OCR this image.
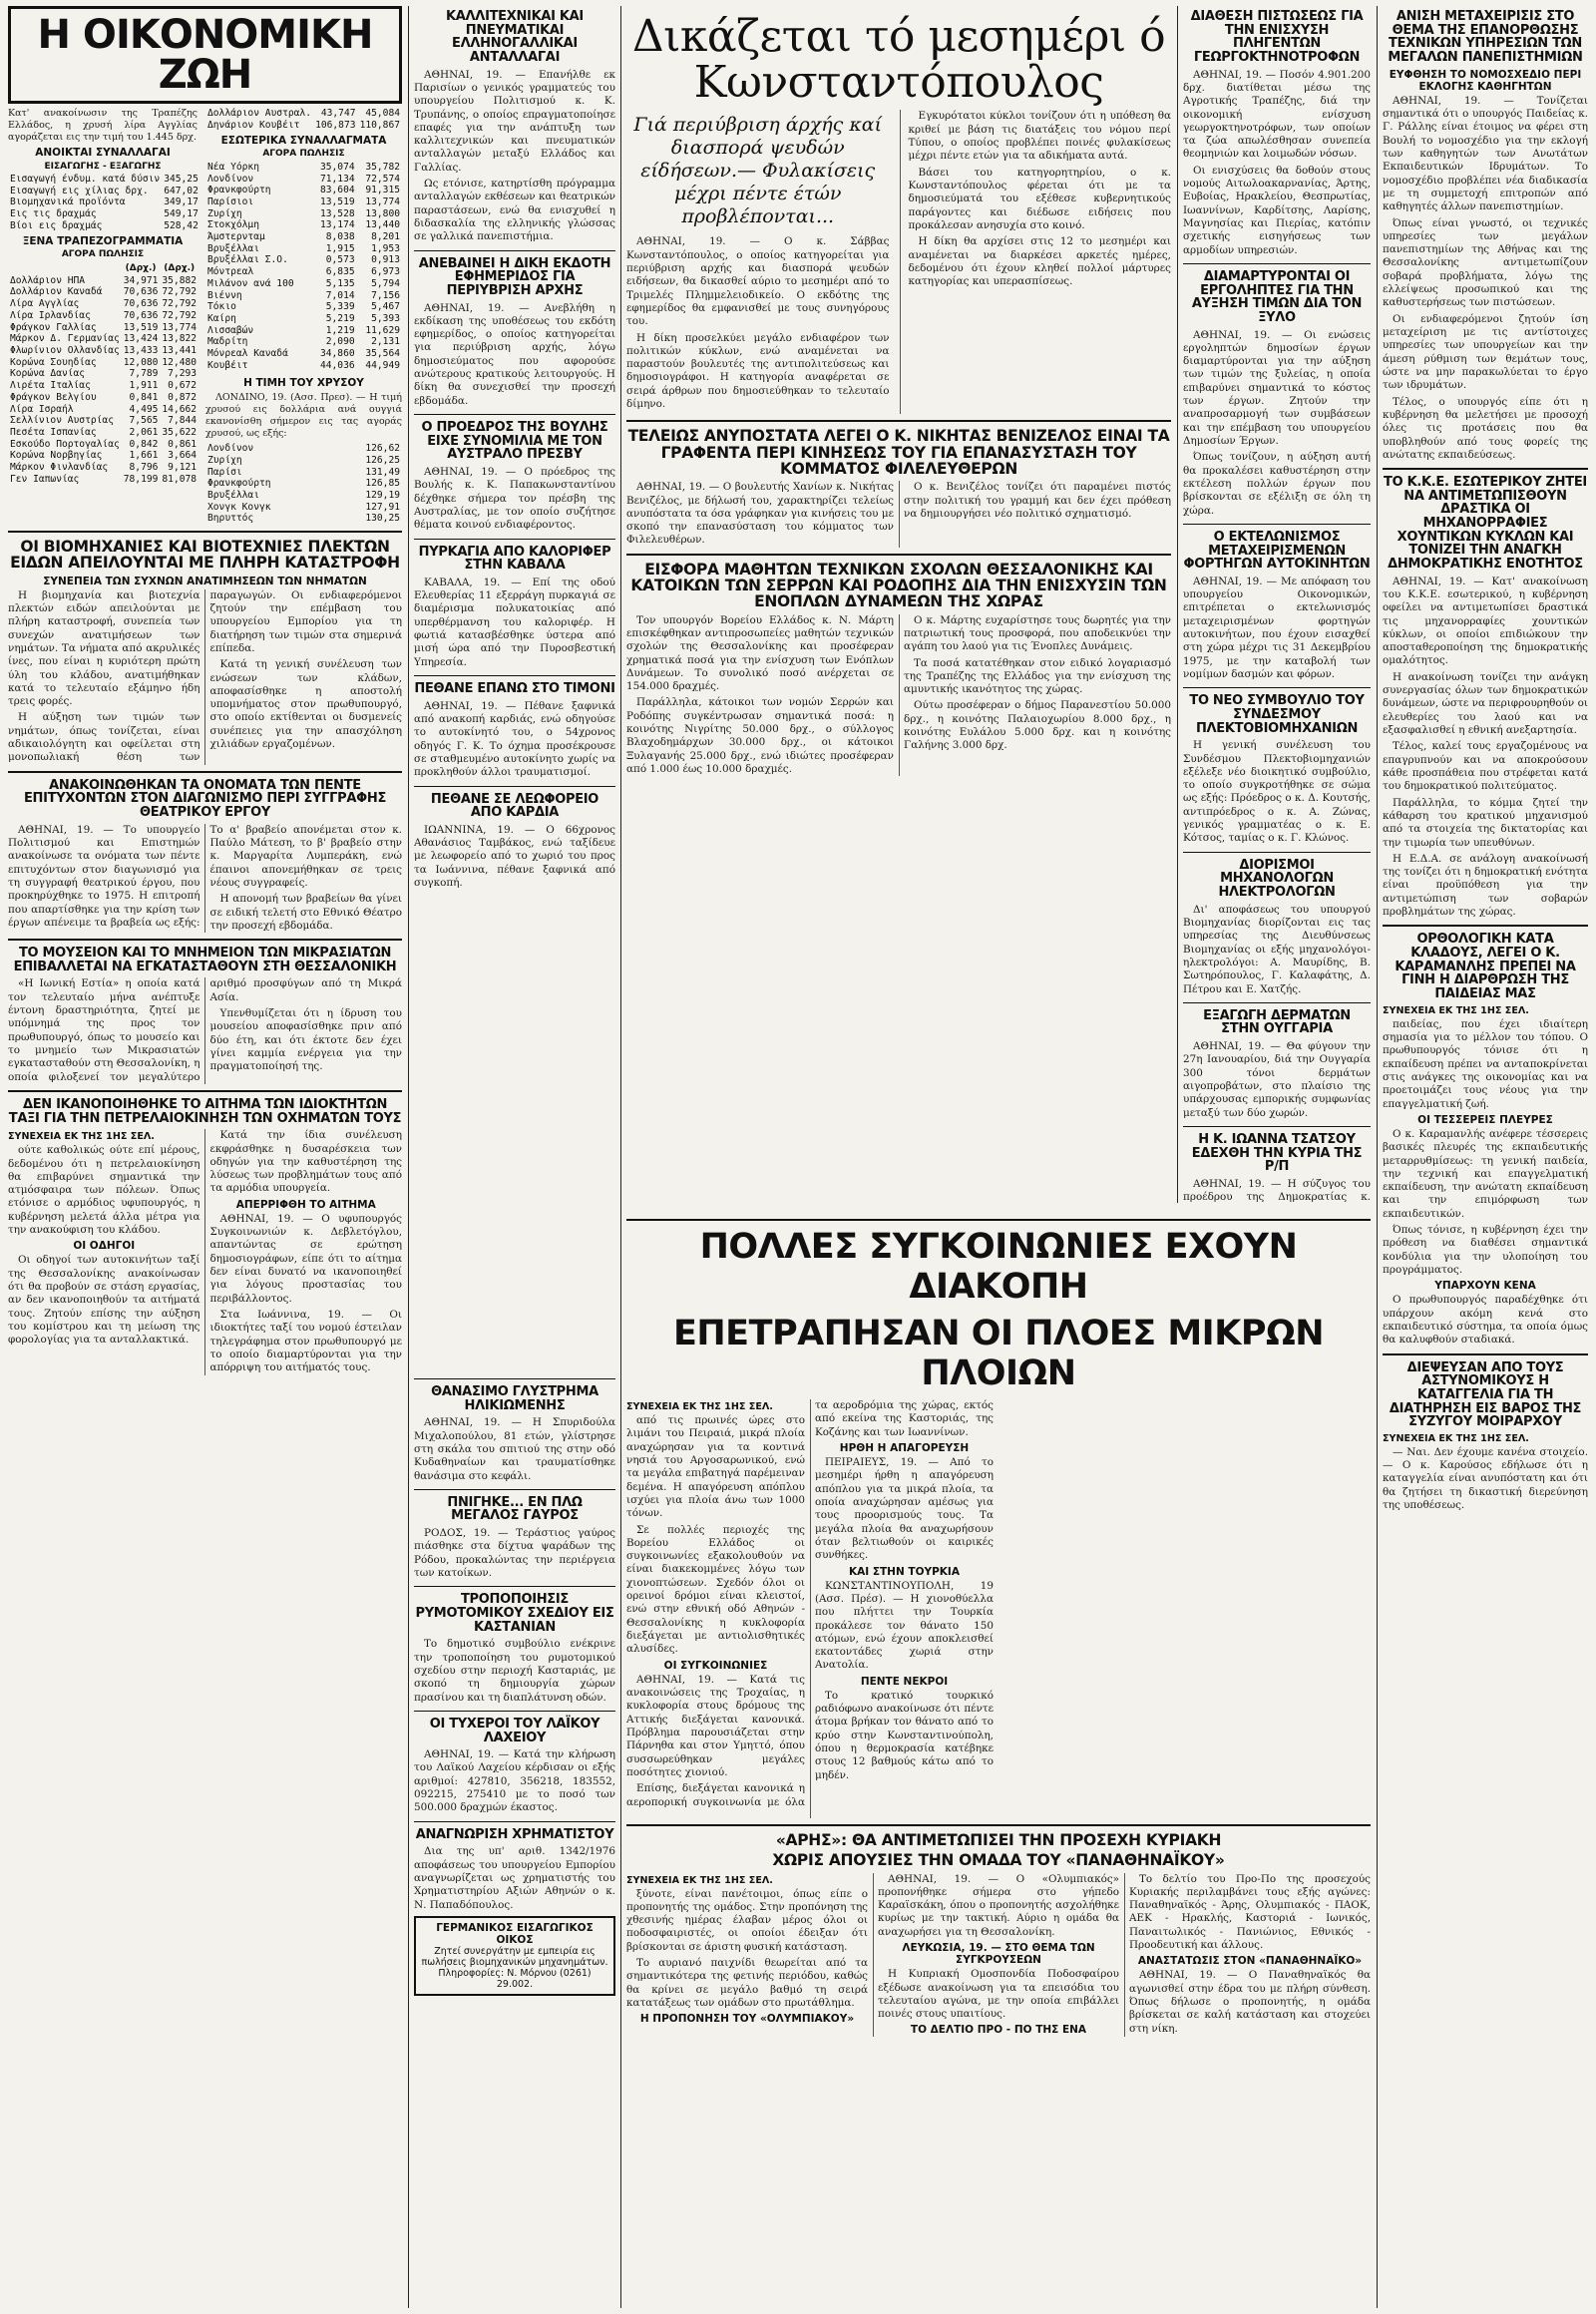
Η ΟΙΚΟΝΟΜΙΚΗ ΖΩΗ
Κατ' ανακοίνωσιν της Τραπέζης Ελλάδος, η χρυσή λίρα Αγγλίας αγοράζεται εις την τιμή του 1.445 δρχ.
ΑΝΟΙΚΤΑΙ ΣΥΝΑΛΛΑΓΑΙ
ΕΙΣΑΓΩΓΗΣ - ΕΞΑΓΩΓΗΣ
Εισαγωγή ένδυμ. κατά δύσιν	345,25
Εισαγωγή εις χίλιας δρχ.	647,02
Βιομηχανικά προϊόντα	349,17
Εις τις δραχμάς	549,17
Βίοι εις δραχμάς	528,42
ΞΕΝΑ ΤΡΑΠΕΖΟΓΡΑΜΜΑΤΙΑ
ΑΓΟΡΑ ΠΩΛΗΣΙΣ
	(Δρχ.)	(Δρχ.)
Δολλάριον ΗΠΑ	34,971	35,882
Δολλάριον Καναδά	70,636	72,792
Λίρα Αγγλίας	70,636	72,792
Λίρα Ιρλανδίας	70,636	72,792
Φράγκον Γαλλίας	13,519	13,774
Μάρκον Δ. Γερμανίας	13,424	13,822
Φλωρίνιον Ολλανδίας	13,433	13,441
Κορώνα Σουηδίας	12,080	12,480
Κορώνα Δανίας	7,789	7,293
Λιρέτα Ιταλίας	1,911	0,672
Φράγκον Βελγίου	0,841	0,872
Λίρα Ισραήλ	4,495	14,662
Σελλίνιον Αυστρίας	7,565	7,844
Πεσέτα Ισπανίας	2,061	35,622
Εσκούδο Πορτογαλίας	0,842	0,861
Κορώνα Νορβηγίας	1,661	3,664
Μάρκον Φινλανδίας	8,796	9,121
Γεν Ιαπωνίας	78,199	81,078
Δολλάριον Αυστραλ.	43,747	45,084
Δηνάριον Κουβέιτ	106,873	110,867
ΕΣΩΤΕΡΙΚΑ ΣΥΝΑΛΛΑΓΜΑΤΑ
ΑΓΟΡΑ ΠΩΛΗΣΙΣ
Νέα Υόρκη	35,074	35,782
Λονδίνον	71,134	72,574
Φρανκφούρτη	83,604	91,315
Παρίσιοι	13,519	13,774
Ζυρίχη	13,528	13,800
Στοκχόλμη	13,174	13,440
Άμστερνταμ	8,038	8,201
Βρυξέλλαι	1,915	1,953
Βρυξέλλαι Σ.Ο.	0,573	0,913
Μόντρεαλ	6,835	6,973
Μιλάνον ανά 100	5,135	5,794
Βιέννη	7,014	7,156
Τόκιο	5,339	5,467
Καίρη	5,219	5,393
Λισσαβών	1,219	11,629
Μαδρίτη	2,090	2,131
Μόνρεαλ Καναδά	34,860	35,564
Κουβέιτ	44,036	44,949
Η ΤΙΜΗ ΤΟΥ ΧΡΥΣΟΥ
ΛΟΝΔΙΝΟ, 19. (Ασσ. Πρεσ). — Η τιμή χρυσού εις δολλάρια ανά ουγγιά εκανονίσθη σήμερον εις τας αγοράς χρυσού, ως εξής:
Λονδίνον	126,62
Ζυρίχη	126,25
Παρίσι	131,49
Φρανκφούρτη	126,85
Βρυξέλλαι	129,19
Χονγκ Κονγκ	127,91
Βηρυττός	130,25
ΟΙ ΒΙΟΜΗΧΑΝΙΕΣ ΚΑΙ ΒΙΟΤΕΧΝΙΕΣ ΠΛΕΚΤΩΝ ΕΙΔΩΝ ΑΠΕΙΛΟΥΝΤΑΙ ΜΕ ΠΛΗΡΗ ΚΑΤΑΣΤΡΟΦΗ
ΣΥΝΕΠΕΙΑ ΤΩΝ ΣΥΧΝΩΝ ΑΝΑΤΙΜΗΣΕΩΝ ΤΩΝ ΝΗΜΑΤΩΝ

Η βιομηχανία και βιοτεχνία πλεκτών ειδών απειλούνται με πλήρη καταστροφή, συνεπεία των συνεχών ανατιμήσεων των νημάτων. Τα νήματα από ακρυλικές ίνες, που είναι η κυριότερη πρώτη ύλη του κλάδου, ανατιμήθηκαν κατά το τελευταίο εξάμηνο ήδη τρεις φορές.

Η αύξηση των τιμών των νημάτων, όπως τονίζεται, είναι αδικαιολόγητη και οφείλεται στη μονοπωλιακή θέση των παραγωγών. Οι ενδιαφερόμενοι ζητούν την επέμβαση του υπουργείου Εμπορίου για τη διατήρηση των τιμών στα σημερινά επίπεδα.

Κατά τη γενική συνέλευση των ενώσεων των κλάδων, αποφασίσθηκε η αποστολή υπομνήματος στον πρωθυπουργό, στο οποίο εκτίθενται οι δυσμενείς συνέπειες για την απασχόληση χιλιάδων εργαζομένων.

ΑΝΑΚΟΙΝΩΘΗΚΑΝ ΤΑ ΟΝΟΜΑΤΑ ΤΩΝ ΠΕΝΤΕ ΕΠΙΤΥΧΟΝΤΩΝ ΣΤΟΝ ΔΙΑΓΩΝΙΣΜΟ ΠΕΡΙ ΣΥΓΓΡΑΦΗΣ ΘΕΑΤΡΙΚΟΥ ΕΡΓΟΥ

ΑΘΗΝΑΙ, 19. — Το υπουργείο Πολιτισμού και Επιστημών ανακοίνωσε τα ονόματα των πέντε επιτυχόντων στον διαγωνισμό για τη συγγραφή θεατρικού έργου, που προκηρύχθηκε το 1975. Η επιτροπή που απαρτίσθηκε για την κρίση των έργων απένειμε τα βραβεία ως εξής: Το α' βραβείο απονέμεται στον κ. Παύλο Μάτεση, το β' βραβείο στην κ. Μαργαρίτα Λυμπεράκη, ενώ έπαινοι απονεμήθηκαν σε τρεις νέους συγγραφείς.

Η απονομή των βραβείων θα γίνει σε ειδική τελετή στο Εθνικό Θέατρο την προσεχή εβδομάδα.

ΤΟ ΜΟΥΣΕΙΟΝ ΚΑΙ ΤΟ ΜΝΗΜΕΙΟΝ ΤΩΝ ΜΙΚΡΑΣΙΑΤΩΝ ΕΠΙΒΑΛΛΕΤΑΙ ΝΑ ΕΓΚΑΤΑΣΤΑΘΟΥΝ ΣΤΗ ΘΕΣΣΑΛΟΝΙΚΗ

«Η Ιωνική Εστία» η οποία κατά τον τελευταίο μήνα ανέπτυξε έντονη δραστηριότητα, ζητεί με υπόμνημά της προς τον πρωθυπουργό, όπως το μουσείο και το μνημείο των Μικρασιατών εγκατασταθούν στη Θεσσαλονίκη, η οποία φιλοξενεί τον μεγαλύτερο αριθμό προσφύγων από τη Μικρά Ασία.

Υπενθυμίζεται ότι η ίδρυση του μουσείου αποφασίσθηκε πριν από δύο έτη, και ότι έκτοτε δεν έχει γίνει καμμία ενέργεια για την πραγματοποίησή της.

ΔΕΝ ΙΚΑΝΟΠΟΙΗΘΗΚΕ ΤΟ ΑΙΤΗΜΑ ΤΩΝ ΙΔΙΟΚΤΗΤΩΝ ΤΑΞΙ ΓΙΑ ΤΗΝ ΠΕΤΡΕΛΑΙΟΚΙΝΗΣΗ ΤΩΝ ΟΧΗΜΑΤΩΝ ΤΟΥΣ
ΣΥΝΕΧΕΙΑ ΕΚ ΤΗΣ 1ΗΣ ΣΕΛ.

ούτε καθολικώς ούτε επί μέρους, δεδομένου ότι η πετρελαιοκίνηση θα επιβαρύνει σημαντικά την ατμόσφαιρα των πόλεων. Όπως ετόνισε ο αρμόδιος υφυπουργός, η κυβέρνηση μελετά άλλα μέτρα για την ανακούφιση του κλάδου.

ΟΙ ΟΔΗΓΟΙ

Οι οδηγοί των αυτοκινήτων ταξί της Θεσσαλονίκης ανακοίνωσαν ότι θα προβούν σε στάση εργασίας, αν δεν ικανοποιηθούν τα αιτήματά τους. Ζητούν επίσης την αύξηση του κομίστρου και τη μείωση της φορολογίας για τα ανταλλακτικά.

Κατά την ίδια συνέλευση εκφράσθηκε η δυσαρέσκεια των οδηγών για την καθυστέρηση της λύσεως των προβλημάτων τους από τα αρμόδια υπουργεία.

ΑΠΕΡΡΙΦΘΗ ΤΟ ΑΙΤΗΜΑ

ΑΘΗΝΑΙ, 19. — Ο υφυπουργός Συγκοινωνιών κ. Δεβλετόγλου, απαντώντας σε ερώτηση δημοσιογράφων, είπε ότι το αίτημα δεν είναι δυνατό να ικανοποιηθεί για λόγους προστασίας του περιβάλλοντος.

Στα Ιωάννινα, 19. — Οι ιδιοκτήτες ταξί του νομού έστειλαν τηλεγράφημα στον πρωθυπουργό με το οποίο διαμαρτύρονται για την απόρριψη του αιτήματός τους.

ΚΑΛΛΙΤΕΧΝΙΚΑΙ ΚΑΙ ΠΝΕΥΜΑΤΙΚΑΙ ΕΛΛΗΝΟΓΑΛΛΙΚΑΙ ΑΝΤΑΛΛΑΓΑΙ

ΑΘΗΝΑΙ, 19. — Επανήλθε εκ Παρισίων ο γενικός γραμματεύς του υπουργείου Πολιτισμού κ. Κ. Τρυπάνης, ο οποίος επραγματοποίησε επαφές για την ανάπτυξη των καλλιτεχνικών και πνευματικών ανταλλαγών μεταξύ Ελλάδος και Γαλλίας.

Ως ετόνισε, κατηρτίσθη πρόγραμμα ανταλλαγών εκθέσεων και θεατρικών παραστάσεων, ενώ θα ενισχυθεί η διδασκαλία της ελληνικής γλώσσας σε γαλλικά πανεπιστήμια.

ΑΝΕΒΑΙΝΕΙ Η ΔΙΚΗ ΕΚΔΟΤΗ ΕΦΗΜΕΡΙΔΟΣ ΓΙΑ ΠΕΡΙΥΒΡΙΣΗ ΑΡΧΗΣ

ΑΘΗΝΑΙ, 19. — Ανεβλήθη η εκδίκαση της υποθέσεως του εκδότη εφημερίδος, ο οποίος κατηγορείται για περιύβριση αρχής, λόγω δημοσιεύματος που αφορούσε ανώτερους κρατικούς λειτουργούς. Η δίκη θα συνεχισθεί την προσεχή εβδομάδα.

Ο ΠΡΟΕΔΡΟΣ ΤΗΣ ΒΟΥΛΗΣ ΕΙΧΕ ΣΥΝΟΜΙΛΙΑ ΜΕ ΤΟΝ ΑΥΣΤΡΑΛΟ ΠΡΕΣΒΥ

ΑΘΗΝΑΙ, 19. — Ο πρόεδρος της Βουλής κ. Κ. Παπακωνσταντίνου δέχθηκε σήμερα τον πρέσβη της Αυστραλίας, με τον οποίο συζήτησε θέματα κοινού ενδιαφέροντος.

ΠΥΡΚΑΓΙΑ ΑΠΟ ΚΑΛΟΡΙΦΕΡ ΣΤΗΝ ΚΑΒΑΛΑ

ΚΑΒΑΛΑ, 19. — Επί της οδού Ελευθερίας 11 εξερράγη πυρκαγιά σε διαμέρισμα πολυκατοικίας από υπερθέρμανση του καλοριφέρ. Η φωτιά κατασβέσθηκε ύστερα από μισή ώρα από την Πυροσβεστική Υπηρεσία.

ΠΕΘΑΝΕ ΕΠΑΝΩ ΣΤΟ ΤΙΜΟΝΙ

ΑΘΗΝΑΙ, 19. — Πέθανε ξαφνικά από ανακοπή καρδιάς, ενώ οδηγούσε το αυτοκίνητό του, ο 54χρονος οδηγός Γ. Κ. Το όχημα προσέκρουσε σε σταθμευμένο αυτοκίνητο χωρίς να προκληθούν άλλοι τραυματισμοί.

ΠΕΘΑΝΕ ΣΕ ΛΕΩΦΟΡΕΙΟ ΑΠΟ ΚΑΡΔΙΑ

ΙΩΑΝΝΙΝΑ, 19. — Ο 66χρονος Αθανάσιος Ταμβάκος, ενώ ταξίδευε με λεωφορείο από το χωριό του προς τα Ιωάννινα, πέθανε ξαφνικά από συγκοπή.

Δικάζεται τό μεσημέρι ό Κωνσταντόπουλος
Γιά περιύβριση άρχής καί διασπορά ψευδών είδήσεων.— Φυλακίσεις μέχρι πέντε έτών προβλέπονται...

ΑΘΗΝΑΙ, 19. — Ο κ. Σάββας Κωνσταντόπουλος, ο οποίος κατηγορείται για περιύβριση αρχής και διασπορά ψευδών ειδήσεων, θα δικασθεί αύριο το μεσημέρι από το Τριμελές Πλημμελειοδικείο. Ο εκδότης της εφημερίδος θα εμφανισθεί με τους συνηγόρους του.

Η δίκη προσελκύει μεγάλο ενδιαφέρον των πολιτικών κύκλων, ενώ αναμένεται να παραστούν βουλευτές της αντιπολιτεύσεως και δημοσιογράφοι. Η κατηγορία αναφέρεται σε σειρά άρθρων που δημοσιεύθηκαν το τελευταίο δίμηνο.

Εγκυρότατοι κύκλοι τονίζουν ότι η υπόθεση θα κριθεί με βάση τις διατάξεις του νόμου περί Τύπου, ο οποίος προβλέπει ποινές φυλακίσεως μέχρι πέντε ετών για τα αδικήματα αυτά.

Βάσει του κατηγορητηρίου, ο κ. Κωνσταντόπουλος φέρεται ότι με τα δημοσιεύματά του εξέθεσε κυβερνητικούς παράγοντες και διέδωσε ειδήσεις που προκάλεσαν ανησυχία στο κοινό.

Η δίκη θα αρχίσει στις 12 το μεσημέρι και αναμένεται να διαρκέσει αρκετές ημέρες, δεδομένου ότι έχουν κληθεί πολλοί μάρτυρες κατηγορίας και υπερασπίσεως.

ΤΕΛΕΙΩΣ ΑΝΥΠΟΣΤΑΤΑ ΛΕΓΕΙ Ο Κ. ΝΙΚΗΤΑΣ ΒΕΝΙΖΕΛΟΣ ΕΙΝΑΙ ΤΑ ΓΡΑΦΕΝΤΑ ΠΕΡΙ ΚΙΝΗΣΕΩΣ ΤΟΥ ΓΙΑ ΕΠΑΝΑΣΥΣΤΑΣΗ ΤΟΥ ΚΟΜΜΑΤΟΣ ΦΙΛΕΛΕΥΘΕΡΩΝ

ΑΘΗΝΑΙ, 19. — Ο βουλευτής Χανίων κ. Νικήτας Βενιζέλος, με δήλωσή του, χαρακτηρίζει τελείως ανυπόστατα τα όσα γράφηκαν για κινήσεις του με σκοπό την επανασύσταση του κόμματος των Φιλελευθέρων.

Ο κ. Βενιζέλος τονίζει ότι παραμένει πιστός στην πολιτική του γραμμή και δεν έχει πρόθεση να δημιουργήσει νέο πολιτικό σχηματισμό.

ΕΙΣΦΟΡΑ ΜΑΘΗΤΩΝ ΤΕΧΝΙΚΩΝ ΣΧΟΛΩΝ ΘΕΣΣΑΛΟΝΙΚΗΣ ΚΑΙ ΚΑΤΟΙΚΩΝ ΤΩΝ ΣΕΡΡΩΝ ΚΑΙ ΡΟΔΟΠΗΣ ΔΙΑ ΤΗΝ ΕΝΙΣΧΥΣΙΝ ΤΩΝ ΕΝΟΠΛΩΝ ΔΥΝΑΜΕΩΝ ΤΗΣ ΧΩΡΑΣ

Τον υπουργόν Βορείου Ελλάδος κ. Ν. Μάρτη επισκέφθηκαν αντιπροσωπείες μαθητών τεχνικών σχολών της Θεσσαλονίκης και προσέφεραν χρηματικά ποσά για την ενίσχυση των Ενόπλων Δυνάμεων. Το συνολικό ποσό ανέρχεται σε 154.000 δραχμές.

Παράλληλα, κάτοικοι των νομών Σερρών και Ροδόπης συγκέντρωσαν σημαντικά ποσά: η κοινότης Νιγρίτης 50.000 δρχ., ο σύλλογος Βλαχοδημάρχων 30.000 δρχ., οι κάτοικοι Ξυλαγανής 25.000 δρχ., ενώ ιδιώτες προσέφεραν από 1.000 έως 10.000 δραχμές.

Ο κ. Μάρτης ευχαρίστησε τους δωρητές για την πατριωτική τους προσφορά, που αποδεικνύει την αγάπη του λαού για τις Ένοπλες Δυνάμεις.

Τα ποσά κατατέθηκαν στον ειδικό λογαριασμό της Τραπέζης της Ελλάδος για την ενίσχυση της αμυντικής ικανότητος της χώρας.

Ούτω προσέφεραν ο δήμος Παρανεστίου 50.000 δρχ., η κοινότης Παλαιοχωρίου 8.000 δρχ., η κοινότης Ευλάλου 5.000 δρχ. και η κοινότης Γαλήνης 3.000 δρχ.

ΔΙΑΘΕΣΗ ΠΙΣΤΩΣΕΩΣ ΓΙΑ ΤΗΝ ΕΝΙΣΧΥΣΗ ΠΛΗΓΕΝΤΩΝ ΓΕΩΡΓΟΚΤΗΝΟΤΡΟΦΩΝ

ΑΘΗΝΑΙ, 19. — Ποσόν 4.901.200 δρχ. διατίθεται μέσω της Αγροτικής Τραπέζης, διά την οικονομική ενίσχυση γεωργοκτηνοτρόφων, των οποίων τα ζώα απωλέσθησαν συνεπεία θεομηνιών και λοιμωδών νόσων.

Οι ενισχύσεις θα δοθούν στους νομούς Αιτωλοακαρνανίας, Άρτης, Ευβοίας, Ηρακλείου, Θεσπρωτίας, Ιωαννίνων, Καρδίτσης, Λαρίσης, Μαγνησίας και Πιερίας, κατόπιν σχετικής εισηγήσεως των αρμοδίων υπηρεσιών.

ΔΙΑΜΑΡΤΥΡΟΝΤΑΙ ΟΙ ΕΡΓΟΛΗΠΤΕΣ ΓΙΑ ΤΗΝ ΑΥΞΗΣΗ ΤΙΜΩΝ ΔΙΑ ΤΟΝ ΞΥΛΟ

ΑΘΗΝΑΙ, 19. — Οι ενώσεις εργοληπτών δημοσίων έργων διαμαρτύρονται για την αύξηση των τιμών της ξυλείας, η οποία επιβαρύνει σημαντικά το κόστος των έργων. Ζητούν την αναπροσαρμογή των συμβάσεων και την επέμβαση του υπουργείου Δημοσίων Έργων.

Όπως τονίζουν, η αύξηση αυτή θα προκαλέσει καθυστέρηση στην εκτέλεση πολλών έργων που βρίσκονται σε εξέλιξη σε όλη τη χώρα.

Ο ΕΚΤΕΛΩΝΙΣΜΟΣ ΜΕΤΑΧΕΙΡΙΣΜΕΝΩΝ ΦΟΡΤΗΓΩΝ ΑΥΤΟΚΙΝΗΤΩΝ

ΑΘΗΝΑΙ, 19. — Με απόφαση του υπουργείου Οικονομικών, επιτρέπεται ο εκτελωνισμός μεταχειρισμένων φορτηγών αυτοκινήτων, που έχουν εισαχθεί στη χώρα μέχρι τις 31 Δεκεμβρίου 1975, με την καταβολή των νομίμων δασμών και φόρων.

ΤΟ ΝΕΟ ΣΥΜΒΟΥΛΙΟ ΤΟΥ ΣΥΝΔΕΣΜΟΥ ΠΛΕΚΤΟΒΙΟΜΗΧΑΝΙΩΝ

Η γενική συνέλευση του Συνδέσμου Πλεκτοβιομηχανιών εξέλεξε νέο διοικητικό συμβούλιο, το οποίο συγκροτήθηκε σε σώμα ως εξής: Πρόεδρος ο κ. Δ. Κουτσής, αντιπρόεδρος ο κ. Α. Ζώνας, γενικός γραμματέας ο κ. Ε. Κότσος, ταμίας ο κ. Γ. Κλώνος.

ΔΙΟΡΙΣΜΟΙ ΜΗΧΑΝΟΛΟΓΩΝ ΗΛΕΚΤΡΟΛΟΓΩΝ

Δι' αποφάσεως του υπουργού Βιομηχανίας διορίζονται εις τας υπηρεσίας της Διευθύνσεως Βιομηχανίας οι εξής μηχανολόγοι-ηλεκτρολόγοι: Α. Μαυρίδης, Β. Σωτηρόπουλος, Γ. Καλαφάτης, Δ. Πέτρου και Ε. Χατζής.

ΕΞΑΓΩΓΗ ΔΕΡΜΑΤΩΝ ΣΤΗΝ ΟΥΓΓΑΡΙΑ

ΑΘΗΝΑΙ, 19. — Θα φύγουν την 27η Ιανουαρίου, διά την Ουγγαρία 300 τόνοι δερμάτων αιγοπροβάτων, στο πλαίσιο της υπάρχουσας εμπορικής συμφωνίας μεταξύ των δύο χωρών.

Η Κ. ΙΩΑΝΝΑ ΤΣΑΤΣΟΥ ΕΔΕΧΘΗ ΤΗΝ ΚΥΡΙΑ ΤΗΣ Ρ/Π

ΑΘΗΝΑΙ, 19. — Η σύζυγος του προέδρου της Δημοκρατίας κ.

ΑΝΙΣΗ ΜΕΤΑΧΕΙΡΙΣΙΣ ΣΤΟ ΘΕΜΑ ΤΗΣ ΕΠΑΝΟΡΘΩΣΗΣ ΤΕΧΝΙΚΩΝ ΥΠΗΡΕΣΙΩΝ ΤΩΝ ΜΕΓΑΛΩΝ ΠΑΝΕΠΙΣΤΗΜΙΩΝ
ΕΥΦΘΗΣΗ ΤΟ ΝΟΜΟΣΧΕΔΙΟ ΠΕΡΙ ΕΚΛΟΓΗΣ ΚΑΘΗΓΗΤΩΝ

ΑΘΗΝΑΙ, 19. — Τονίζεται σημαντικά ότι ο υπουργός Παιδείας κ. Γ. Ράλλης είναι έτοιμος να φέρει στη Βουλή το νομοσχέδιο για την εκλογή των καθηγητών των Ανωτάτων Εκπαιδευτικών Ιδρυμάτων. Το νομοσχέδιο προβλέπει νέα διαδικασία με τη συμμετοχή επιτροπών από καθηγητές άλλων πανεπιστημίων.

Όπως είναι γνωστό, οι τεχνικές υπηρεσίες των μεγάλων πανεπιστημίων της Αθήνας και της Θεσσαλονίκης αντιμετωπίζουν σοβαρά προβλήματα, λόγω της ελλείψεως προσωπικού και της καθυστερήσεως των πιστώσεων.

Οι ενδιαφερόμενοι ζητούν ίση μεταχείριση με τις αντίστοιχες υπηρεσίες των υπουργείων και την άμεση ρύθμιση των θεμάτων τους, ώστε να μην παρακωλύεται το έργο των ιδρυμάτων.

Τέλος, ο υπουργός είπε ότι η κυβέρνηση θα μελετήσει με προσοχή όλες τις προτάσεις που θα υποβληθούν από τους φορείς της ανώτατης εκπαιδεύσεως.

ΤΟ Κ.Κ.Ε. ΕΣΩΤΕΡΙΚΟΥ ΖΗΤΕΙ ΝΑ ΑΝΤΙΜΕΤΩΠΙΣΘΟΥΝ ΔΡΑΣΤΙΚΑ ΟΙ ΜΗΧΑΝΟΡΡΑΦΙΕΣ ΧΟΥΝΤΙΚΩΝ ΚΥΚΛΩΝ ΚΑΙ ΤΟΝΙΖΕΙ ΤΗΝ ΑΝΑΓΚΗ ΔΗΜΟΚΡΑΤΙΚΗΣ ΕΝΟΤΗΤΟΣ

ΑΘΗΝΑΙ, 19. — Κατ' ανακοίνωση του Κ.Κ.Ε. εσωτερικού, η κυβέρνηση οφείλει να αντιμετωπίσει δραστικά τις μηχανορραφίες χουντικών κύκλων, οι οποίοι επιδιώκουν την αποσταθεροποίηση της δημοκρατικής ομαλότητος.

Η ανακοίνωση τονίζει την ανάγκη συνεργασίας όλων των δημοκρατικών δυνάμεων, ώστε να περιφρουρηθούν οι ελευθερίες του λαού και να εξασφαλισθεί η εθνική ανεξαρτησία.

Τέλος, καλεί τους εργαζομένους να επαγρυπνούν και να αποκρούσουν κάθε προσπάθεια που στρέφεται κατά του δημοκρατικού πολιτεύματος.

Παράλληλα, το κόμμα ζητεί την κάθαρση του κρατικού μηχανισμού από τα στοιχεία της δικτατορίας και την τιμωρία των υπευθύνων.

Η Ε.Δ.Α. σε ανάλογη ανακοίνωσή της τονίζει ότι η δημοκρατική ενότητα είναι προϋπόθεση για την αντιμετώπιση των σοβαρών προβλημάτων της χώρας.

ΟΡΘΟΛΟΓΙΚΗ ΚΑΤΑ ΚΛΑΔΟΥΣ, ΛΕΓΕΙ Ο Κ. ΚΑΡΑΜΑΝΛΗΣ ΠΡΕΠΕΙ ΝΑ ΓΙΝΗ Η ΔΙΑΡΘΡΩΣΗ ΤΗΣ ΠΑΙΔΕΙΑΣ ΜΑΣ
ΣΥΝΕΧΕΙΑ ΕΚ ΤΗΣ 1ΗΣ ΣΕΛ.

παιδείας, που έχει ιδιαίτερη σημασία για το μέλλον του τόπου. Ο πρωθυπουργός τόνισε ότι η εκπαίδευση πρέπει να ανταποκρίνεται στις ανάγκες της οικονομίας και να προετοιμάζει τους νέους για την επαγγελματική ζωή.

ΟΙ ΤΕΣΣΕΡΕΙΣ ΠΛΕΥΡΕΣ

Ο κ. Καραμανλής ανέφερε τέσσερεις βασικές πλευρές της εκπαιδευτικής μεταρρυθμίσεως: τη γενική παιδεία, την τεχνική και επαγγελματική εκπαίδευση, την ανώτατη εκπαίδευση και την επιμόρφωση των εκπαιδευτικών.

Όπως τόνισε, η κυβέρνηση έχει την πρόθεση να διαθέσει σημαντικά κονδύλια για την υλοποίηση του προγράμματος.

ΥΠΑΡΧΟΥΝ ΚΕΝΑ

Ο πρωθυπουργός παραδέχθηκε ότι υπάρχουν ακόμη κενά στο εκπαιδευτικό σύστημα, τα οποία όμως θα καλυφθούν σταδιακά.

ΔΙΕΨΕΥΣΑΝ ΑΠΟ ΤΟΥΣ ΑΣΤΥΝΟΜΙΚΟΥΣ Η ΚΑΤΑΓΓΕΛΙΑ ΓΙΑ ΤΗ ΔΙΑΤΗΡΗΣΗ ΕΙΣ ΒΑΡΟΣ ΤΗΣ ΣΥΖΥΓΟΥ ΜΟΙΡΑΡΧΟΥ
ΣΥΝΕΧΕΙΑ ΕΚ ΤΗΣ 1ΗΣ ΣΕΛ.

— Ναι. Δεν έχουμε κανένα στοιχείο. — Ο κ. Καρούσος εδήλωσε ότι η καταγγελία είναι ανυπόστατη και ότι θα ζητήσει τη δικαστική διερεύνηση της υποθέσεως.

ΘΑΝΑΣΙΜΟ ΓΛΥΣΤΡΗΜΑ ΗΛΙΚΙΩΜΕΝΗΣ

ΑΘΗΝΑΙ, 19. — Η Σπυριδούλα Μιχαλοπούλου, 81 ετών, γλίστρησε στη σκάλα του σπιτιού της στην οδό Κυδαθηναίων και τραυματίσθηκε θανάσιμα στο κεφάλι.

ΠΝΙΓΗΚΕ... ΕΝ ΠΛΩ ΜΕΓΑΛΟΣ ΓΑΥΡΟΣ

ΡΟΔΟΣ, 19. — Τεράστιος γαύρος πιάσθηκε στα δίχτυα ψαράδων της Ρόδου, προκαλώντας την περιέργεια των κατοίκων.

ΤΡΟΠΟΠΟΙΗΣΙΣ ΡΥΜΟΤΟΜΙΚΟΥ ΣΧΕΔΙΟΥ ΕΙΣ ΚΑΣΤΑΝΙΑΝ

Το δημοτικό συμβούλιο ενέκρινε την τροποποίηση του ρυμοτομικού σχεδίου στην περιοχή Κασταριάς, με σκοπό τη δημιουργία χώρων πρασίνου και τη διαπλάτυνση οδών.

ΟΙ ΤΥΧΕΡΟΙ ΤΟΥ ΛΑΪΚΟΥ ΛΑΧΕΙΟΥ

ΑΘΗΝΑΙ, 19. — Κατά την κλήρωση του Λαϊκού Λαχείου κέρδισαν οι εξής αριθμοί: 427810, 356218, 183552, 092215, 275410 με το ποσό των 500.000 δραχμών έκαστος.

ΑΝΑΓΝΩΡΙΣΗ ΧΡΗΜΑΤΙΣΤΟΥ

Δια της υπ' αριθ. 1342/1976 αποφάσεως του υπουργείου Εμπορίου αναγνωρίζεται ως χρηματιστής του Χρηματιστηρίου Αξιών Αθηνών ο κ. Ν. Παπαδόπουλος.

ΓΕΡΜΑΝΙΚΟΣ ΕΙΣΑΓΩΓΙΚΟΣ ΟΙΚΟΣ
Ζητεί συνεργάτην με εμπειρία εις πωλήσεις βιομηχανικών μηχανημάτων. Πληροφορίες: Ν. Μόρνου (0261) 29.002.
ΠΟΛΛΕΣ ΣΥΓΚΟΙΝΩΝΙΕΣ ΕΧΟΥΝ ΔΙΑΚΟΠΗ
ΕΠΕΤΡΑΠΗΣΑΝ ΟΙ ΠΛΟΕΣ ΜΙΚΡΩΝ ΠΛΟΙΩΝ
ΣΥΝΕΧΕΙΑ ΕΚ ΤΗΣ 1ΗΣ ΣΕΛ.

από τις πρωινές ώρες στο λιμάνι του Πειραιά, μικρά πλοία αναχώρησαν για τα κοντινά νησιά του Αργοσαρωνικού, ενώ τα μεγάλα επιβατηγά παρέμειναν δεμένα. Η απαγόρευση απόπλου ισχύει για πλοία άνω των 1000 τόνων.

Σε πολλές περιοχές της Βορείου Ελλάδος οι συγκοινωνίες εξακολουθούν να είναι διακεκομμένες λόγω των χιονοπτώσεων. Σχεδόν όλοι οι ορεινοί δρόμοι είναι κλειστοί, ενώ στην εθνική οδό Αθηνών - Θεσσαλονίκης η κυκλοφορία διεξάγεται με αντιολισθητικές αλυσίδες.

ΟΙ ΣΥΓΚΟΙΝΩΝΙΕΣ

ΑΘΗΝΑΙ, 19. — Κατά τις ανακοινώσεις της Τροχαίας, η κυκλοφορία στους δρόμους της Αττικής διεξάγεται κανονικά. Πρόβλημα παρουσιάζεται στην Πάρνηθα και στον Υμηττό, όπου συσσωρεύθηκαν μεγάλες ποσότητες χιονιού.

Επίσης, διεξάγεται κανονικά η αεροπορική συγκοινωνία με όλα τα αεροδρόμια της χώρας, εκτός από εκείνα της Καστοριάς, της Κοζάνης και των Ιωαννίνων.

ΗΡΘΗ Η ΑΠΑΓΟΡΕΥΣΗ

ΠΕΙΡΑΙΕΥΣ, 19. — Από το μεσημέρι ήρθη η απαγόρευση απόπλου για τα μικρά πλοία, τα οποία αναχώρησαν αμέσως για τους προορισμούς τους. Τα μεγάλα πλοία θα αναχωρήσουν όταν βελτιωθούν οι καιρικές συνθήκες.

ΚΑΙ ΣΤΗΝ ΤΟΥΡΚΙΑ

ΚΩΝΣΤΑΝΤΙΝΟΥΠΟΛΗ, 19 (Ασσ. Πρέσ). — Η χιονοθύελλα που πλήττει την Τουρκία προκάλεσε τον θάνατο 150 ατόμων, ενώ έχουν αποκλεισθεί εκατοντάδες χωριά στην Ανατολία.

ΠΕΝΤΕ ΝΕΚΡΟΙ

Το κρατικό τουρκικό ραδιόφωνο ανακοίνωσε ότι πέντε άτομα βρήκαν τον θάνατο από το κρύο στην Κωνσταντινούπολη, όπου η θερμοκρασία κατέβηκε στους 12 βαθμούς κάτω από το μηδέν.

«ΑΡΗΣ»: ΘΑ ΑΝΤΙΜΕΤΩΠΙΣΕΙ ΤΗΝ ΠΡΟΣΕΧΗ ΚΥΡΙΑΚΗ
ΧΩΡΙΣ ΑΠΟΥΣΙΕΣ ΤΗΝ ΟΜΑΔΑ ΤΟΥ «ΠΑΝΑΘΗΝΑΪΚΟΥ»
ΣΥΝΕΧΕΙΑ ΕΚ ΤΗΣ 1ΗΣ ΣΕΛ.

ξύνοτε, είναι πανέτοιμοι, όπως είπε ο προπονητής της ομάδος. Στην προπόνηση της χθεσινής ημέρας έλαβαν μέρος όλοι οι ποδοσφαιριστές, οι οποίοι έδειξαν ότι βρίσκονται σε άριστη φυσική κατάσταση.

Το αυριανό παιχνίδι θεωρείται από τα σημαντικότερα της φετινής περιόδου, καθώς θα κρίνει σε μεγάλο βαθμό τη σειρά κατατάξεως των ομάδων στο πρωτάθλημα.

Η ΠΡΟΠΟΝΗΣΗ ΤΟΥ «ΟΛΥΜΠΙΑΚΟΥ»

ΑΘΗΝΑΙ, 19. — Ο «Ολυμπιακός» προπονήθηκε σήμερα στο γήπεδο Καραϊσκάκη, όπου ο προπονητής ασχολήθηκε κυρίως με την τακτική. Αύριο η ομάδα θα αναχωρήσει για τη Θεσσαλονίκη.

ΛΕΥΚΩΣΙΑ, 19. — ΣΤΟ ΘΕΜΑ ΤΩΝ ΣΥΓΚΡΟΥΣΕΩΝ

Η Κυπριακή Ομοσπονδία Ποδοσφαίρου εξέδωσε ανακοίνωση για τα επεισόδια του τελευταίου αγώνα, με την οποία επιβάλλει ποινές στους υπαιτίους.

ΤΟ ΔΕΛΤΙΟ ΠΡΟ - ΠΟ ΤΗΣ ΕΝΑ

Το δελτίο του Προ-Πο της προσεχούς Κυριακής περιλαμβάνει τους εξής αγώνες: Παναθηναϊκός - Άρης, Ολυμπιακός - ΠΑΟΚ, ΑΕΚ - Ηρακλής, Καστοριά - Ιωνικός, Παναιτωλικός - Πανιώνιος, Εθνικός - Προοδευτική και άλλους.

ΑΝΑΣΤΑΤΩΣΙΣ ΣΤΟΝ «ΠΑΝΑΘΗΝΑΪΚΟ»

ΑΘΗΝΑΙ, 19. — Ο Παναθηναϊκός θα αγωνισθεί στην έδρα του με πλήρη σύνθεση. Όπως δήλωσε ο προπονητής, η ομάδα βρίσκεται σε καλή κατάσταση και στοχεύει στη νίκη.
